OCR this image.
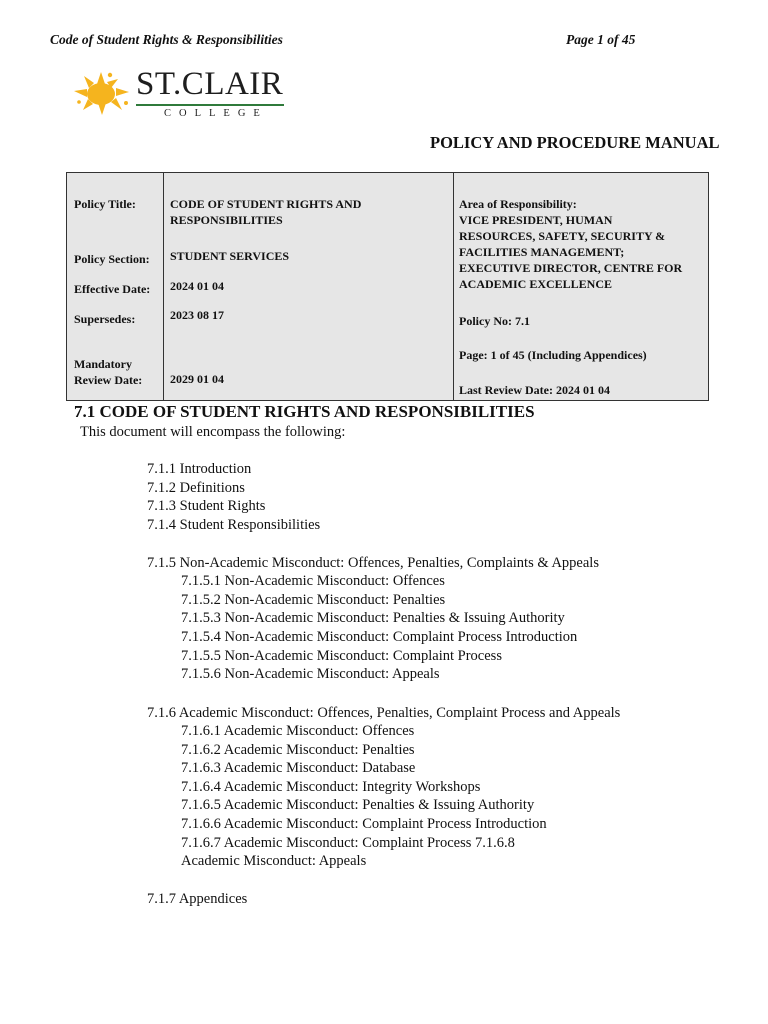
Code of Student Rights & Responsibilities	Page 1 of 45
ST.CLAIR
COLLEGE
POLICY AND PROCEDURE MANUAL
Policy Title:
Policy Section:
Effective Date:
Supersedes:
Mandatory
Review Date:
CODE OF STUDENT RIGHTS AND
RESPONSIBILITIES
STUDENT SERVICES
2024 01 04
2023 08 17
2029 01 04
Area of Responsibility:
VICE PRESIDENT, HUMAN
RESOURCES, SAFETY, SECURITY &
FACILITIES MANAGEMENT;
EXECUTIVE DIRECTOR, CENTRE FOR
ACADEMIC EXCELLENCE
Policy No: 7.1
Page: 1 of 45 (Including Appendices)
Last Review Date: 2024 01 04
7.1 CODE OF STUDENT RIGHTS AND RESPONSIBILITIES
This document will encompass the following:
7.1.1 Introduction
7.1.2 Definitions
7.1.3 Student Rights
7.1.4 Student Responsibilities
7.1.5 Non-Academic Misconduct: Offences, Penalties, Complaints & Appeals
7.1.5.1 Non-Academic Misconduct: Offences
7.1.5.2 Non-Academic Misconduct: Penalties
7.1.5.3 Non-Academic Misconduct: Penalties & Issuing Authority
7.1.5.4 Non-Academic Misconduct: Complaint Process Introduction
7.1.5.5 Non-Academic Misconduct: Complaint Process
7.1.5.6 Non-Academic Misconduct: Appeals
7.1.6 Academic Misconduct: Offences, Penalties, Complaint Process and Appeals
7.1.6.1 Academic Misconduct: Offences
7.1.6.2 Academic Misconduct: Penalties
7.1.6.3 Academic Misconduct: Database
7.1.6.4 Academic Misconduct: Integrity Workshops
7.1.6.5 Academic Misconduct: Penalties & Issuing Authority
7.1.6.6 Academic Misconduct: Complaint Process Introduction
7.1.6.7 Academic Misconduct: Complaint Process 7.1.6.8
Academic Misconduct: Appeals
7.1.7 Appendices
